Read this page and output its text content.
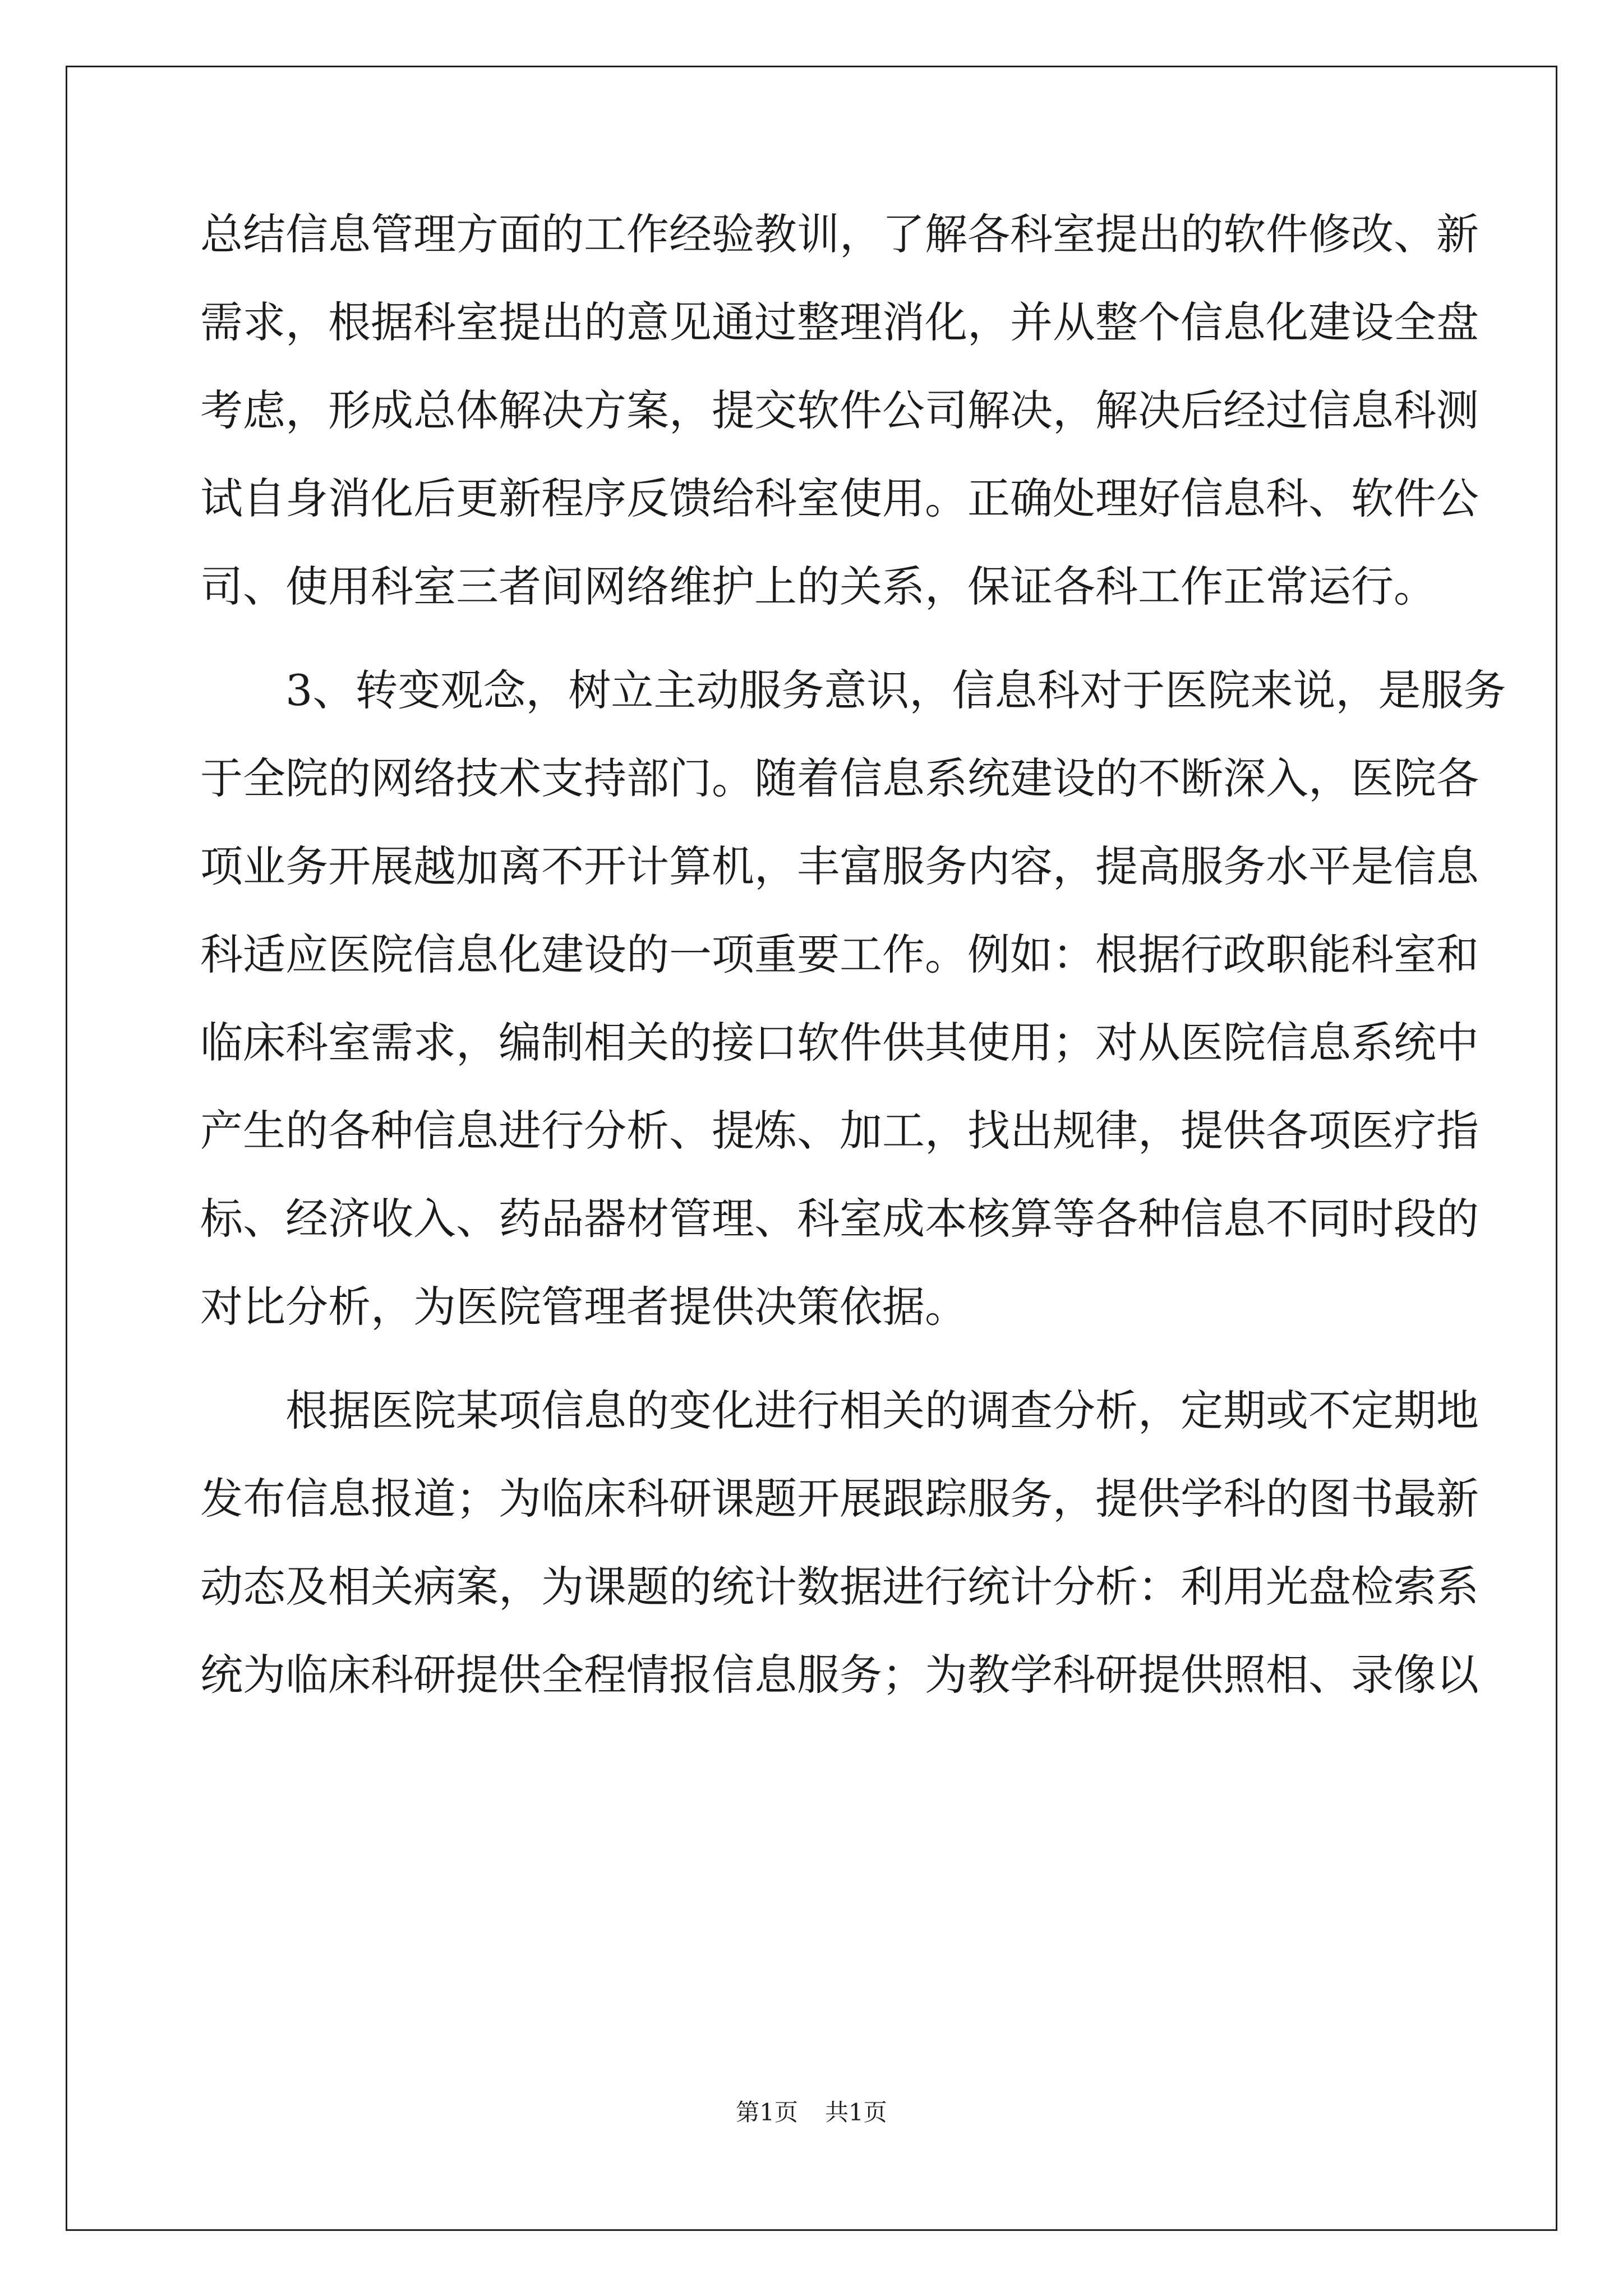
总结信息管理方面的工作经验教训，了解各科室提出的软件修改、新
需求，根据科室提出的意见通过整理消化，并从整个信息化建设全盘
考虑，形成总体解决方案，提交软件公司解决，解决后经过信息科测
试自身消化后更新程序反馈给科室使用。正确处理好信息科、软件公
司、使用科室三者间网络维护上的关系，保证各科工作正常运行。
3、转变观念，树立主动服务意识，信息科对于医院来说，是服务
于全院的网络技术支持部门。随着信息系统建设的不断深入，医院各
项业务开展越加离不开计算机，丰富服务内容，提高服务水平是信息
科适应医院信息化建设的一项重要工作。例如：根据行政职能科室和
临床科室需求，编制相关的接口软件供其使用；对从医院信息系统中
产生的各种信息进行分析、提炼、加工，找出规律，提供各项医疗指
标、经济收入、药品器材管理、科室成本核算等各种信息不同时段的
对比分析，为医院管理者提供决策依据。
根据医院某项信息的变化进行相关的调查分析，定期或不定期地
发布信息报道；为临床科研课题开展跟踪服务，提供学科的图书最新
动态及相关病案，为课题的统计数据进行统计分析：利用光盘检索系
统为临床科研提供全程情报信息服务；为教学科研提供照相、录像以
第1页 共1页
